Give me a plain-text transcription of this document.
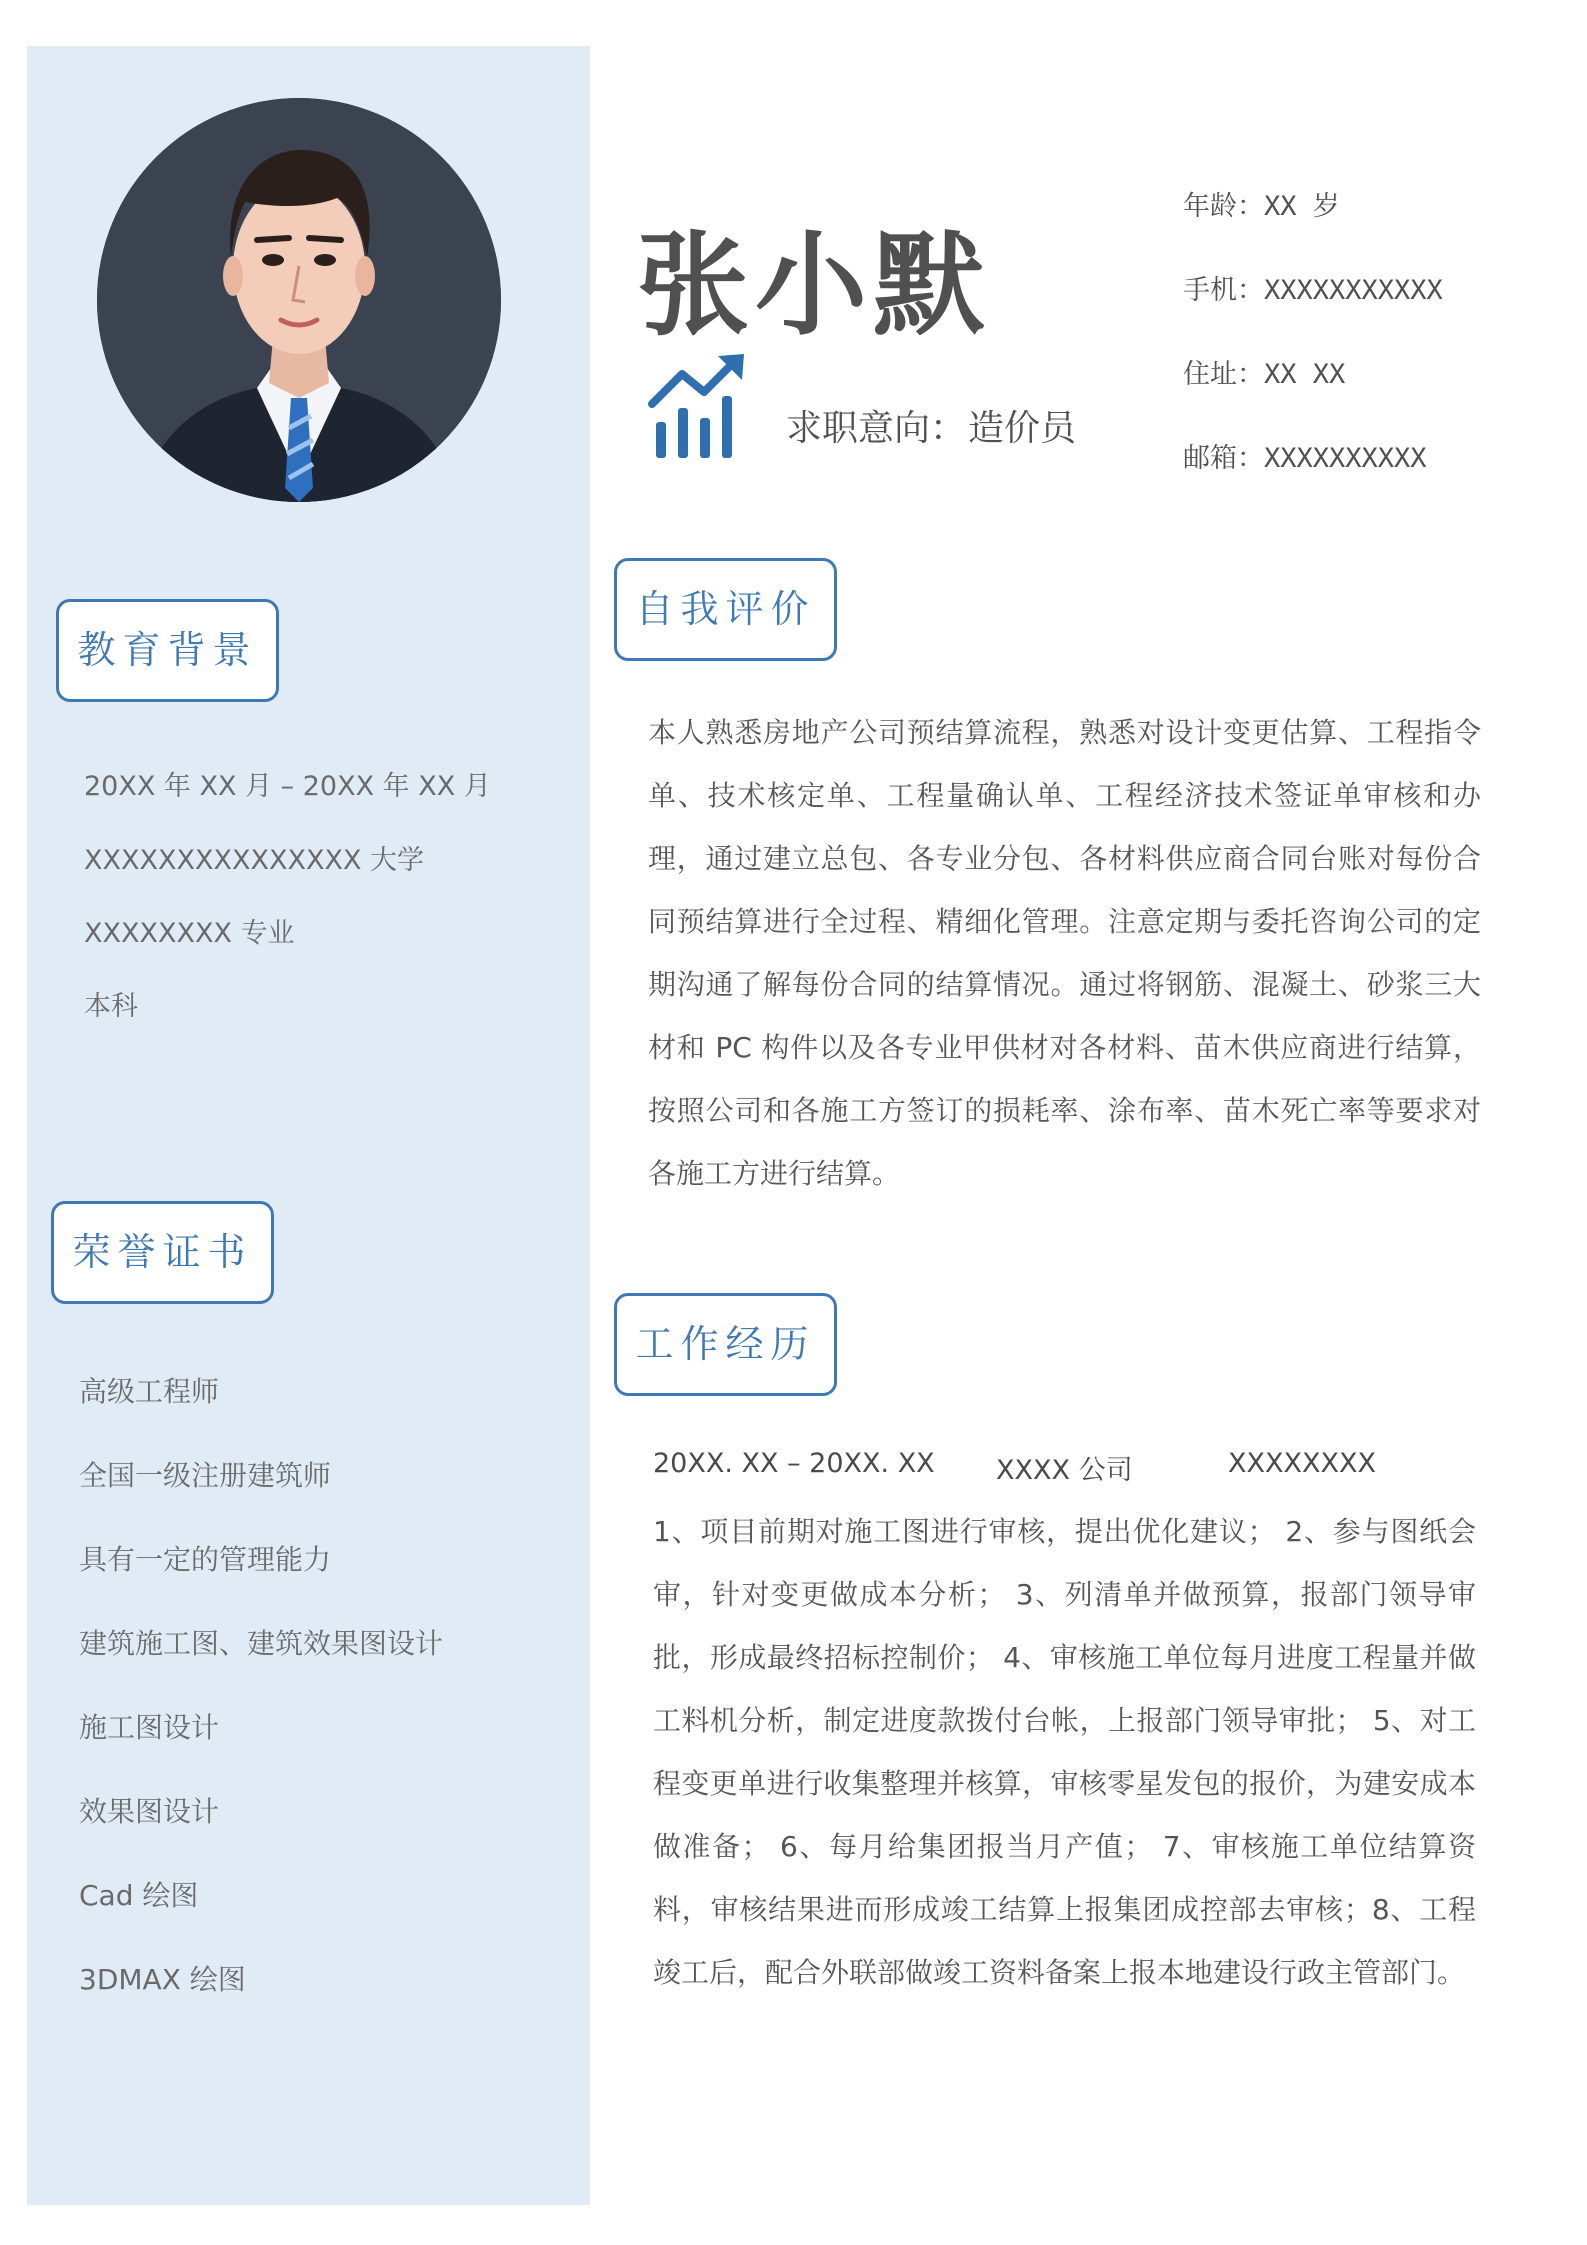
教育背景
20XX 年 XX 月 – 20XX 年 XX 月
XXXXXXXXXXXXXXX 大学
XXXXXXXX 专业
本科
荣誉证书
高级工程师
全国一级注册建筑师
具有一定的管理能力
建筑施工图、建筑效果图设计
施工图设计
效果图设计
Cad 绘图
3DMAX 绘图
张小默
求职意向：造价员
年龄：XX 岁
手机：XXXXXXXXXXX
住址：XX XX
邮箱：XXXXXXXXXX
自我评价
本人熟悉房地产公司预结算流程，熟悉对设计变更估算、工程指令单、技术核定单、工程量确认单、工程经济技术签证单审核和办理，通过建立总包、各专业分包、各材料供应商合同台账对每份合同预结算进行全过程、精细化管理。注意定期与委托咨询公司的定期沟通了解每份合同的结算情况。通过将钢筋、混凝土、砂浆三大材和 PC 构件以及各专业甲供材对各材料、苗木供应商进行结算，按照公司和各施工方签订的损耗率、涂布率、苗木死亡率等要求对各施工方进行结算。
工作经历
20XX. XX – 20XX. XX XXXX 公司	XXXXXXXX
1、项目前期对施工图进行审核，提出优化建议； 2、参与图纸会审，针对变更做成本分析； 3、列清单并做预算，报部门领导审批，形成最终招标控制价； 4、审核施工单位每月进度工程量并做工料机分析，制定进度款拨付台帐，上报部门领导审批； 5、对工程变更单进行收集整理并核算，审核零星发包的报价，为建安成本做准备； 6、每月给集团报当月产值； 7、审核施工单位结算资料，审核结果进而形成竣工结算上报集团成控部去审核；8、工程竣工后，配合外联部做竣工资料备案上报本地建设行政主管部门。
